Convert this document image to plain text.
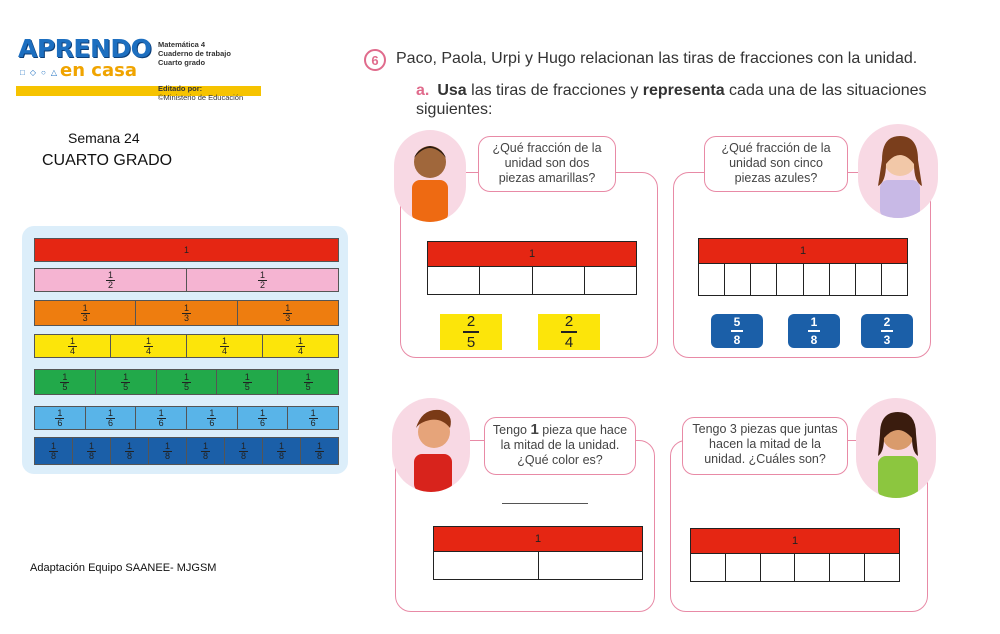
APRENDO
□◇○△
en casa
Matemática 4
Cuaderno de trabajo
Cuarto grado
Editado por:
©Ministerio de Educación
Semana 24
CUARTO GRADO
Adaptación Equipo SAANEE- MJGSM
1
$\frac{1}{2}$	$\frac{1}{2}$
$\frac{1}{3}$	$\frac{1}{3}$	$\frac{1}{3}$
$\frac{1}{4}$	$\frac{1}{4}$	$\frac{1}{4}$	$\frac{1}{4}$
$\frac{1}{5}$	$\frac{1}{5}$	$\frac{1}{5}$	$\frac{1}{5}$	$\frac{1}{5}$
$\frac{1}{6}$	$\frac{1}{6}$	$\frac{1}{6}$	$\frac{1}{6}$	$\frac{1}{6}$	$\frac{1}{6}$
$\frac{1}{8}$	$\frac{1}{8}$	$\frac{1}{8}$	$\frac{1}{8}$	$\frac{1}{8}$	$\frac{1}{8}$	$\frac{1}{8}$	$\frac{1}{8}$
6	Paco, Paola, Urpi y Hugo relacionan las tiras de fracciones con la unidad.
a. Usa las tiras de fracciones y representa cada una de las situaciones siguientes:
¿Qué fracción de la unidad son dos piezas amarillas?
1
2
5
2
4
¿Qué fracción de la unidad son cinco piezas azules?
1
5
8
1
8
2
3
Tengo 1 pieza que hace la mitad de la unidad. ¿Qué color es?
1
Tengo 3 piezas que juntas hacen la mitad de la unidad. ¿Cuáles son?
1
